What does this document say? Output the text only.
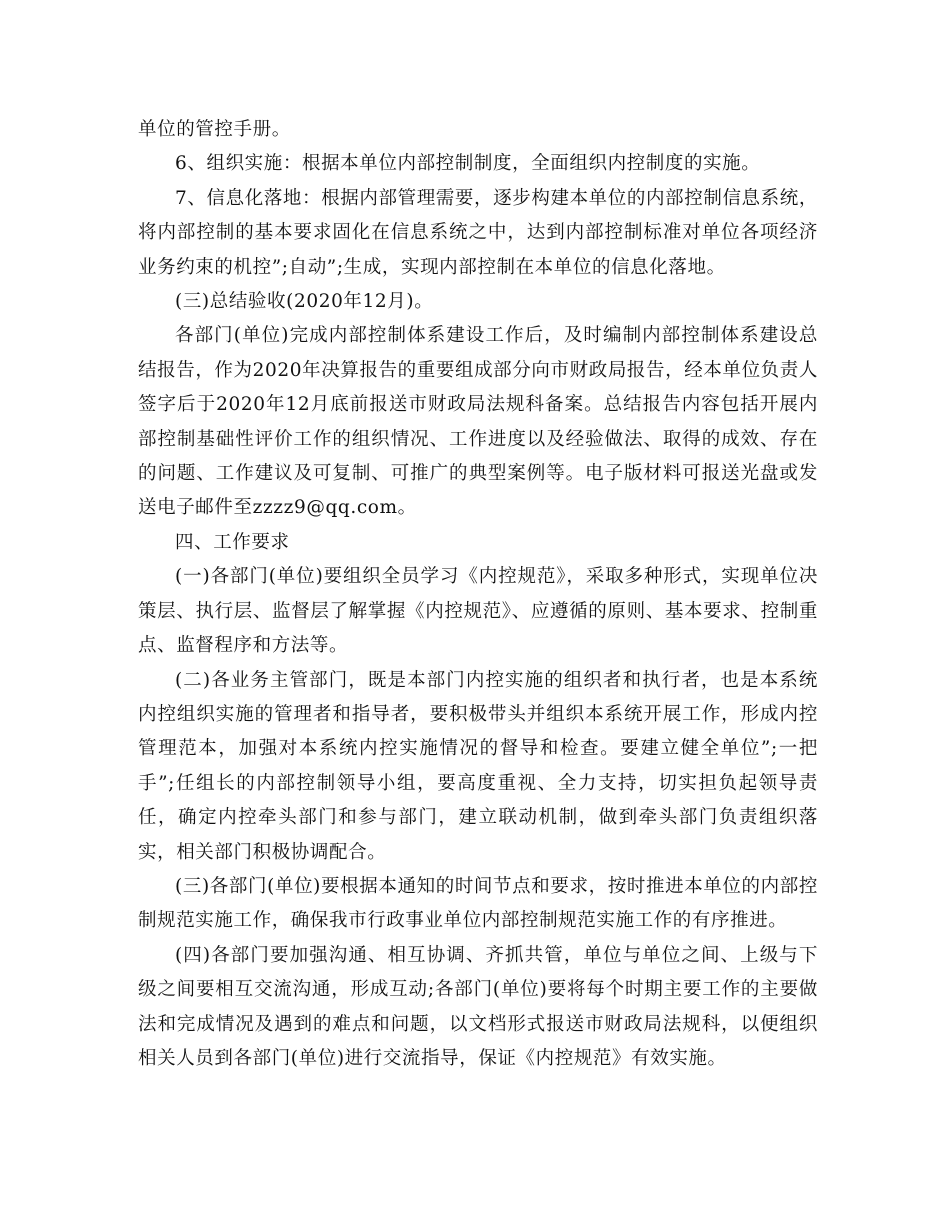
单位的管控手册。

6、组织实施：根据本单位内部控制制度，全面组织内控制度的实施。

7、信息化落地：根据内部管理需要，逐步构建本单位的内部控制信息系统，将内部控制的基本要求固化在信息系统之中，达到内部控制标准对单位各项经济业务约束的机控”;自动”;生成，实现内部控制在本单位的信息化落地。

(三)总结验收(2020年12月)。

各部门(单位)完成内部控制体系建设工作后，及时编制内部控制体系建设总结报告，作为2020年决算报告的重要组成部分向市财政局报告，经本单位负责人签字后于2020年12月底前报送市财政局法规科备案。总结报告内容包括开展内部控制基础性评价工作的组织情况、工作进度以及经验做法、取得的成效、存在的问题、工作建议及可复制、可推广的典型案例等。电子版材料可报送光盘或发送电子邮件至zzzz9@qq.com。

四、工作要求

(一)各部门(单位)要组织全员学习《内控规范》，采取多种形式，实现单位决策层、执行层、监督层了解掌握《内控规范》、应遵循的原则、基本要求、控制重点、监督程序和方法等。

(二)各业务主管部门，既是本部门内控实施的组织者和执行者，也是本系统内控组织实施的管理者和指导者，要积极带头并组织本系统开展工作，形成内控管理范本，加强对本系统内控实施情况的督导和检查。要建立健全单位”;一把手”;任组长的内部控制领导小组，要高度重视、全力支持，切实担负起领导责任，确定内控牵头部门和参与部门，建立联动机制，做到牵头部门负责组织落实，相关部门积极协调配合。

(三)各部门(单位)要根据本通知的时间节点和要求，按时推进本单位的内部控制规范实施工作，确保我市行政事业单位内部控制规范实施工作的有序推进。

(四)各部门要加强沟通、相互协调、齐抓共管，单位与单位之间、上级与下级之间要相互交流沟通，形成互动;各部门(单位)要将每个时期主要工作的主要做法和完成情况及遇到的难点和问题，以文档形式报送市财政局法规科，以便组织相关人员到各部门(单位)进行交流指导，保证《内控规范》有效实施。
